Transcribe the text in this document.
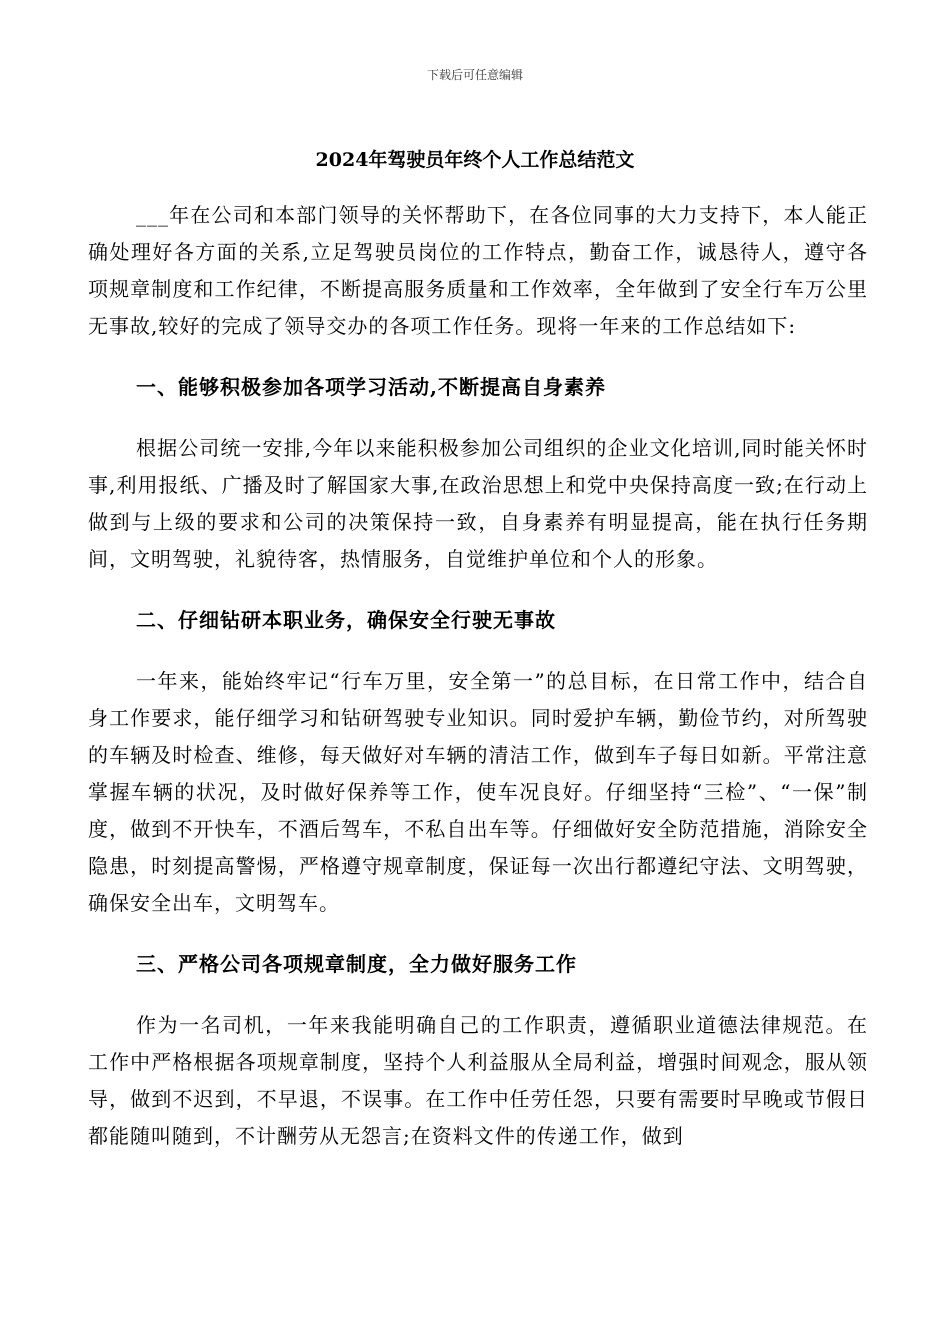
下载后可任意编辑
2024年驾驶员年终个人工作总结范文

___年在公司和本部门领导的关怀帮助下，在各位同事的大力支持下，本人能正确处理好各方面的关系,立足驾驶员岗位的工作特点，勤奋工作，诚恳待人，遵守各项规章制度和工作纪律，不断提高服务质量和工作效率，全年做到了安全行车万公里无事故,较好的完成了领导交办的各项工作任务。现将一年来的工作总结如下:

一、能够积极参加各项学习活动,不断提高自身素养

根据公司统一安排,今年以来能积极参加公司组织的企业文化培训,同时能关怀时事,利用报纸、广播及时了解国家大事,在政治思想上和党中央保持高度一致;在行动上做到与上级的要求和公司的决策保持一致，自身素养有明显提高，能在执行任务期间，文明驾驶，礼貌待客，热情服务，自觉维护单位和个人的形象。

二、仔细钻研本职业务，确保安全行驶无事故

一年来，能始终牢记“行车万里，安全第一”的总目标，在日常工作中，结合自身工作要求，能仔细学习和钻研驾驶专业知识。同时爱护车辆，勤俭节约，对所驾驶的车辆及时检查、维修，每天做好对车辆的清洁工作，做到车子每日如新。平常注意掌握车辆的状况，及时做好保养等工作，使车况良好。仔细坚持“三检”、“一保”制度，做到不开快车，不酒后驾车，不私自出车等。仔细做好安全防范措施，消除安全隐患，时刻提高警惕，严格遵守规章制度，保证每一次出行都遵纪守法、文明驾驶，确保安全出车，文明驾车。

三、严格公司各项规章制度，全力做好服务工作

作为一名司机，一年来我能明确自己的工作职责，遵循职业道德法律规范。在工作中严格根据各项规章制度，坚持个人利益服从全局利益，增强时间观念，服从领导，做到不迟到，不早退，不误事。在工作中任劳任怨，只要有需要时早晚或节假日都能随叫随到，不计酬劳从无怨言;在资料文件的传递工作，做到
